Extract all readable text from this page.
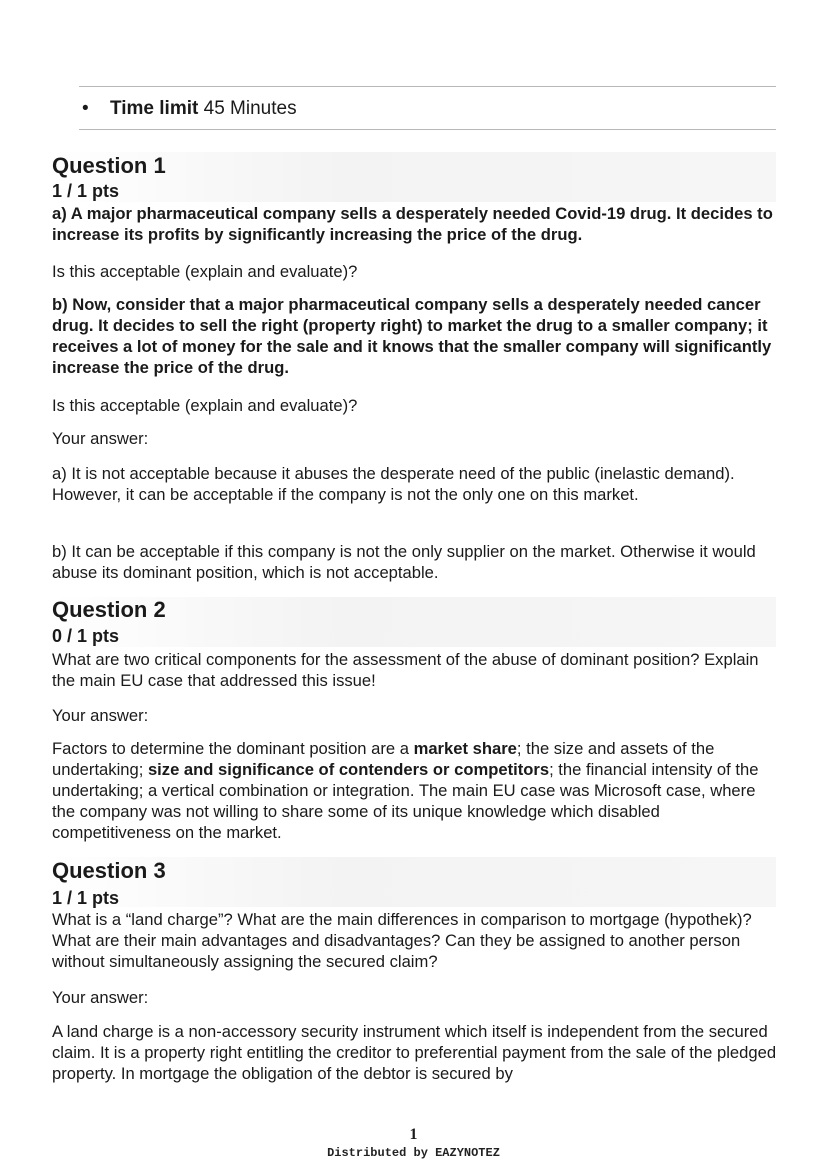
• Time limit 45 Minutes
Question 1
1 / 1 pts
a) A major pharmaceutical company sells a desperately needed Covid-19 drug. It decides to increase its profits by significantly increasing the price of the drug.
Is this acceptable (explain and evaluate)?
b) Now, consider that a major pharmaceutical company sells a desperately needed cancer drug. It decides to sell the right (property right) to market the drug to a smaller company; it receives a lot of money for the sale and it knows that the smaller company will significantly increase the price of the drug.
Is this acceptable (explain and evaluate)?
Your answer:
a) It is not acceptable because it abuses the desperate need of the public (inelastic demand). However, it can be acceptable if the company is not the only one on this market.
b) It can be acceptable if this company is not the only supplier on the market. Otherwise it would abuse its dominant position, which is not acceptable.
Question 2
0 / 1 pts
What are two critical components for the assessment of the abuse of dominant position? Explain the main EU case that addressed this issue!
Your answer:
Factors to determine the dominant position are a market share; the size and assets of the undertaking; size and significance of contenders or competitors; the financial intensity of the undertaking; a vertical combination or integration. The main EU case was Microsoft case, where the company was not willing to share some of its unique knowledge which disabled competitiveness on the market.
Question 3
1 / 1 pts
What is a “land charge”? What are the main differences in comparison to mortgage (hypothek)? What are their main advantages and disadvantages? Can they be assigned to another person without simultaneously assigning the secured claim?
Your answer:
A land charge is a non-accessory security instrument which itself is independent from the secured claim. It is a property right entitling the creditor to preferential payment from the sale of the pledged property. In mortgage the obligation of the debtor is secured by
1
Distributed by EAZYNOTEZ
